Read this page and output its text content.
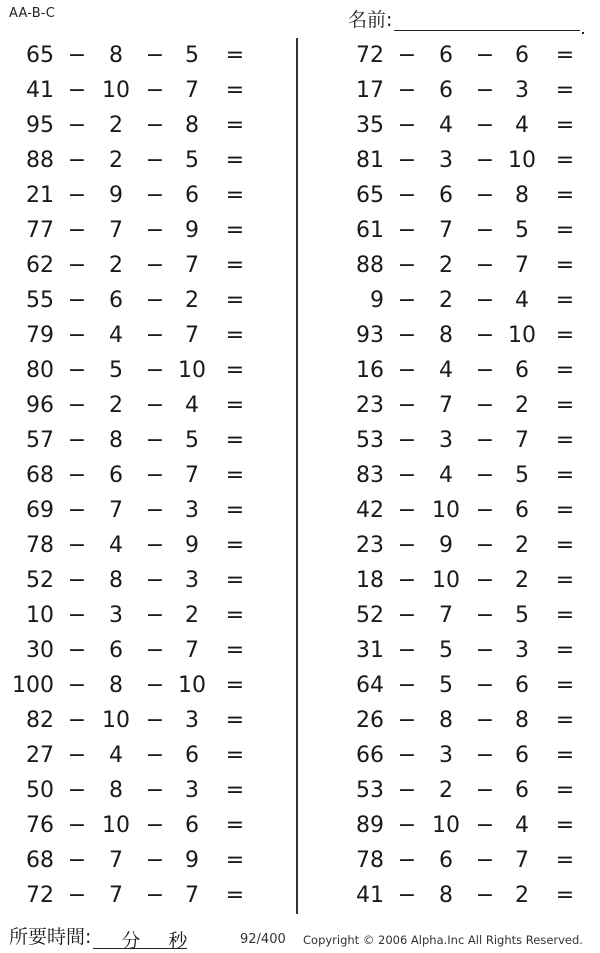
AA-B-C	名前:
65 −	8	− 5	=
41 − 10 − 7	=
95 −	2	− 8	=
88 −	2	− 5	=
21 −	9	− 6	=
77 −	7	− 9	=
62 −	2	− 7	=
55 −	6	− 2	=
79 −	4	− 7	=
80 −	5	− 10 =
96 −	2	− 4	=
57 −	8	− 5	=
68 −	6	− 7	=
69 −	7	− 3	=
78 −	4	− 9	=
52 −	8	− 3	=
10 −	3	− 2	=
30 −	6	− 7	=
100 −	8	− 10 =
82 − 10 − 3	=
27 −	4	− 6	=
50 −	8	− 3	=
76 − 10 − 6	=
68 −	7	− 9	=
72 −	7	− 7	=
72 −	6	− 6	=
17 −	6	− 3	=
35 −	4	− 4	=
81 −	3	− 10 =
65 −	6	− 8	=
61 −	7	− 5	=
88 −	2	− 7	=
9 −	2	− 4	=
93 −	8	− 10 =
16 −	4	− 6	=
23 −	7	− 2	=
53 −	3	− 7	=
83 −	4	− 5	=
42 − 10 − 6	=
23 −	9	− 2	=
18 − 10 − 2	=
52 −	7	− 5	=
31 −	5	− 3	=
64 −	5	− 6	=
26 −	8	− 8	=
66 −	3	− 6	=
53 −	2	− 6	=
89 − 10 − 4	=
78 −	6	− 7	=
41 −	8	− 2	=
所要時間: 分 秒	92/400 Copyright © 2006 Alpha.Inc All Rights Reserved.
